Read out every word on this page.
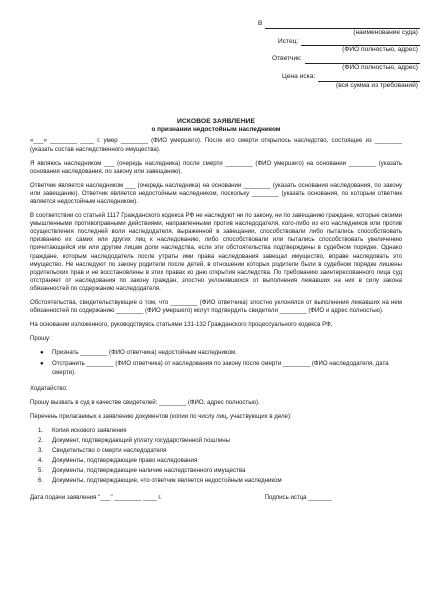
В
(наименование суда)
Истец:
(ФИО полностью, адрес)
Ответчик:
(ФИО полностью, адрес)
Цена иска:
(вся сумма из требований)
ИСКОВОЕ ЗАЯВЛЕНИЕ
о признании недостойным наследником

«___» ________ ____ г. умер ________ (ФИО умершего). После его смерти открылось наследство, состоящее из ________ (указать состав наследственного имущества).

Я являюсь наследником ___ (очередь наследника) после смерти ________ (ФИО умершего) на основании ________ (указать основания наследования, по закону или завещанию).

Ответчик является наследником ___ (очередь наследника) на основании ________ (указать основания наследования, по закону или завещанию). Ответчик является недостойным наследником, поскольку ________ (указать основания, по которым ответчик является недостойным наследником).

В соответствии со статьей 1117 Гражданского кодекса РФ не наследуют ни по закону, ни по завещанию граждане, которые своими умышленными противоправными действиями, направленными против наследодателя, кого-либо из его наследников или против осуществления последней воли наследодателя, выраженной в завещании, способствовали либо пытались способствовать призванию их самих или других лиц к наследованию, либо способствовали или пытались способствовать увеличению причитающейся им или другим лицам доли наследства, если эти обстоятельства подтверждены в судебном порядке. Однако граждане, которым наследодатель после утраты ими права наследования завещал имущество, вправе наследовать это имущество. Не наследуют по закону родители после детей, в отношении которых родители были в судебном порядке лишены родительских прав и не восстановлены в этих правах ко дню открытия наследства. По требованию заинтересованного лица суд отстраняет от наследования по закону граждан, злостно уклонявшихся от выполнения лежавших на них в силу закона обязанностей по содержанию наследодателя.

Обстоятельства, свидетельствующие о том, что ________ (ФИО ответчика) злостно уклонялся от выполнения лежавших на нем обязанностей по содержанию ________ (ФИО умершего) могут подтвердить свидетели ________ (ФИО и адрес полностью).

На основании изложенного, руководствуясь статьями 131-132 Гражданского процессуального кодекса РФ,

Прошу:

● Признать ________ (ФИО ответчика) недостойным наследником.
● Отстранить ________ (ФИО ответчика) от наследования по закону после смерти ________ (ФИО наследодателя, дата смерти).

Ходатайство:

Прошу вызвать в суд в качестве свидетелей: ________ (ФИО, адрес полностью).

Перечень прилагаемых к заявлению документов (копии по числу лиц, участвующих в деле):

1. Копия искового заявления
2. Документ, подтверждающий уплату государственной пошлины
3. Свидетельство о смерти наследодателя
4. Документы, подтверждающие право наследования
5. Документы, подтверждающие наличие наследственного имущества
6. Документы, подтверждающие, что ответчик является недостойным наследником
Дата подачи заявления "___" ________ ____ г.	Подпись истца _______
